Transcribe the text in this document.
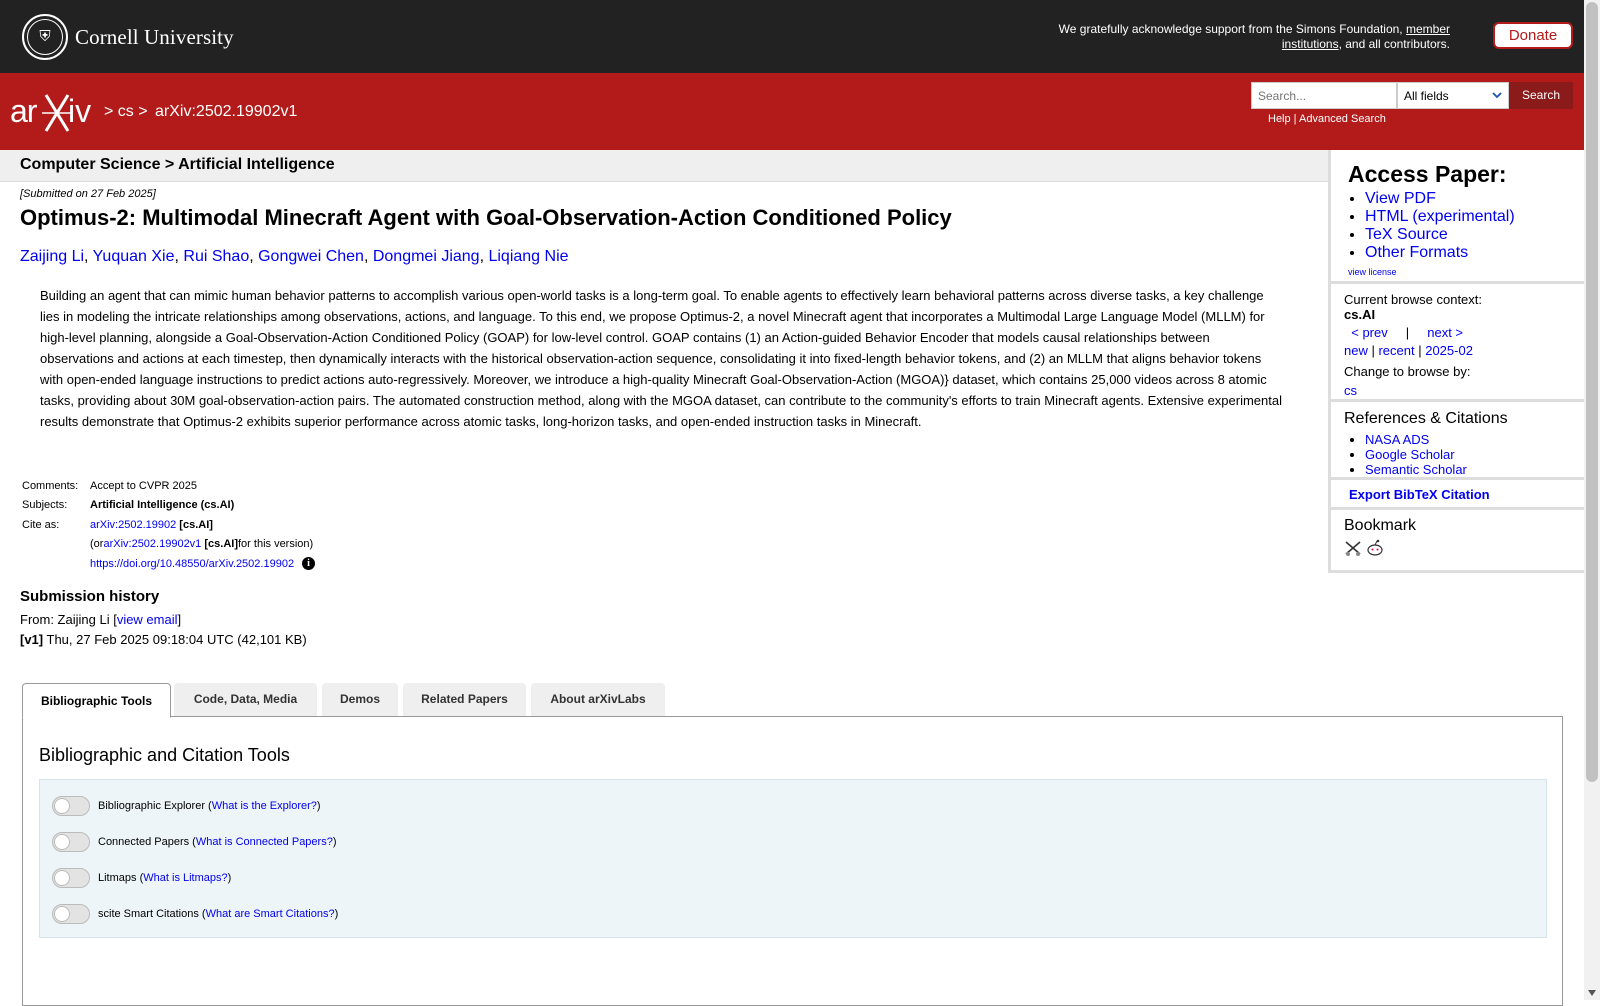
⛨	Cornell University	We gratefully acknowledge support from the Simons Foundation, member institutions, and all contributors.	Donate
ar iv > cs > arXiv:2502.19902v1
Search...
All fields	Search
Help | Advanced Search
Computer Science > Artificial Intelligence
[Submitted on 27 Feb 2025]
Optimus-2: Multimodal Minecraft Agent with Goal-Observation-Action Conditioned Policy
Zaijing Li, Yuquan Xie, Rui Shao, Gongwei Chen, Dongmei Jiang, Liqiang Nie
Building an agent that can mimic human behavior patterns to accomplish various open-world tasks is a long-term goal. To enable agents to effectively learn behavioral patterns across diverse tasks, a key challenge lies in modeling the intricate relationships among observations, actions, and language. To this end, we propose Optimus-2, a novel Minecraft agent that incorporates a Multimodal Large Language Model (MLLM) for high-level planning, alongside a Goal-Observation-Action Conditioned Policy (GOAP) for low-level control. GOAP contains (1) an Action-guided Behavior Encoder that models causal relationships between observations and actions at each timestep, then dynamically interacts with the historical observation-action sequence, consolidating it into fixed-length behavior tokens, and (2) an MLLM that aligns behavior tokens with open-ended language instructions to predict actions auto-regressively. Moreover, we introduce a high-quality Minecraft Goal-Observation-Action (MGOA)} dataset, which contains 25,000 videos across 8 atomic tasks, providing about 30M goal-observation-action pairs. The automated construction method, along with the MGOA dataset, can contribute to the community's efforts to train Minecraft agents. Extensive experimental results demonstrate that Optimus-2 exhibits superior performance across atomic tasks, long-horizon tasks, and open-ended instruction tasks in Minecraft.
Comments:	Accept to CVPR 2025
Subjects:	Artificial Intelligence (cs.AI)
Cite as:	arXiv:2502.19902
[cs.AI]
(or arXiv:2502.19902v1
[cs.AI] for this version)
https://doi.org/10.48550/arXiv.2502.19902	i
Submission history
From: Zaijing Li [view email]
[v1] Thu, 27 Feb 2025 09:18:04 UTC (42,101 KB)
Access Paper:
• View PDF
• HTML (experimental)
• TeX Source
• Other Formats
view license
Current browse context:
cs.AI
< prev | next >
new | recent | 2025-02
Change to browse by:
cs
References & Citations
• NASA ADS
• Google Scholar
• Semantic Scholar
Export BibTeX Citation
Bookmark
Bibliographic Tools	Code, Data, Media	Demos	Related Papers	About arXivLabs
Bibliographic and Citation Tools
Bibliographic Explorer ( What is the Explorer? )
Connected Papers ( What is Connected Papers? )
Litmaps ( What is Litmaps? )
scite Smart Citations ( What are Smart Citations? )
